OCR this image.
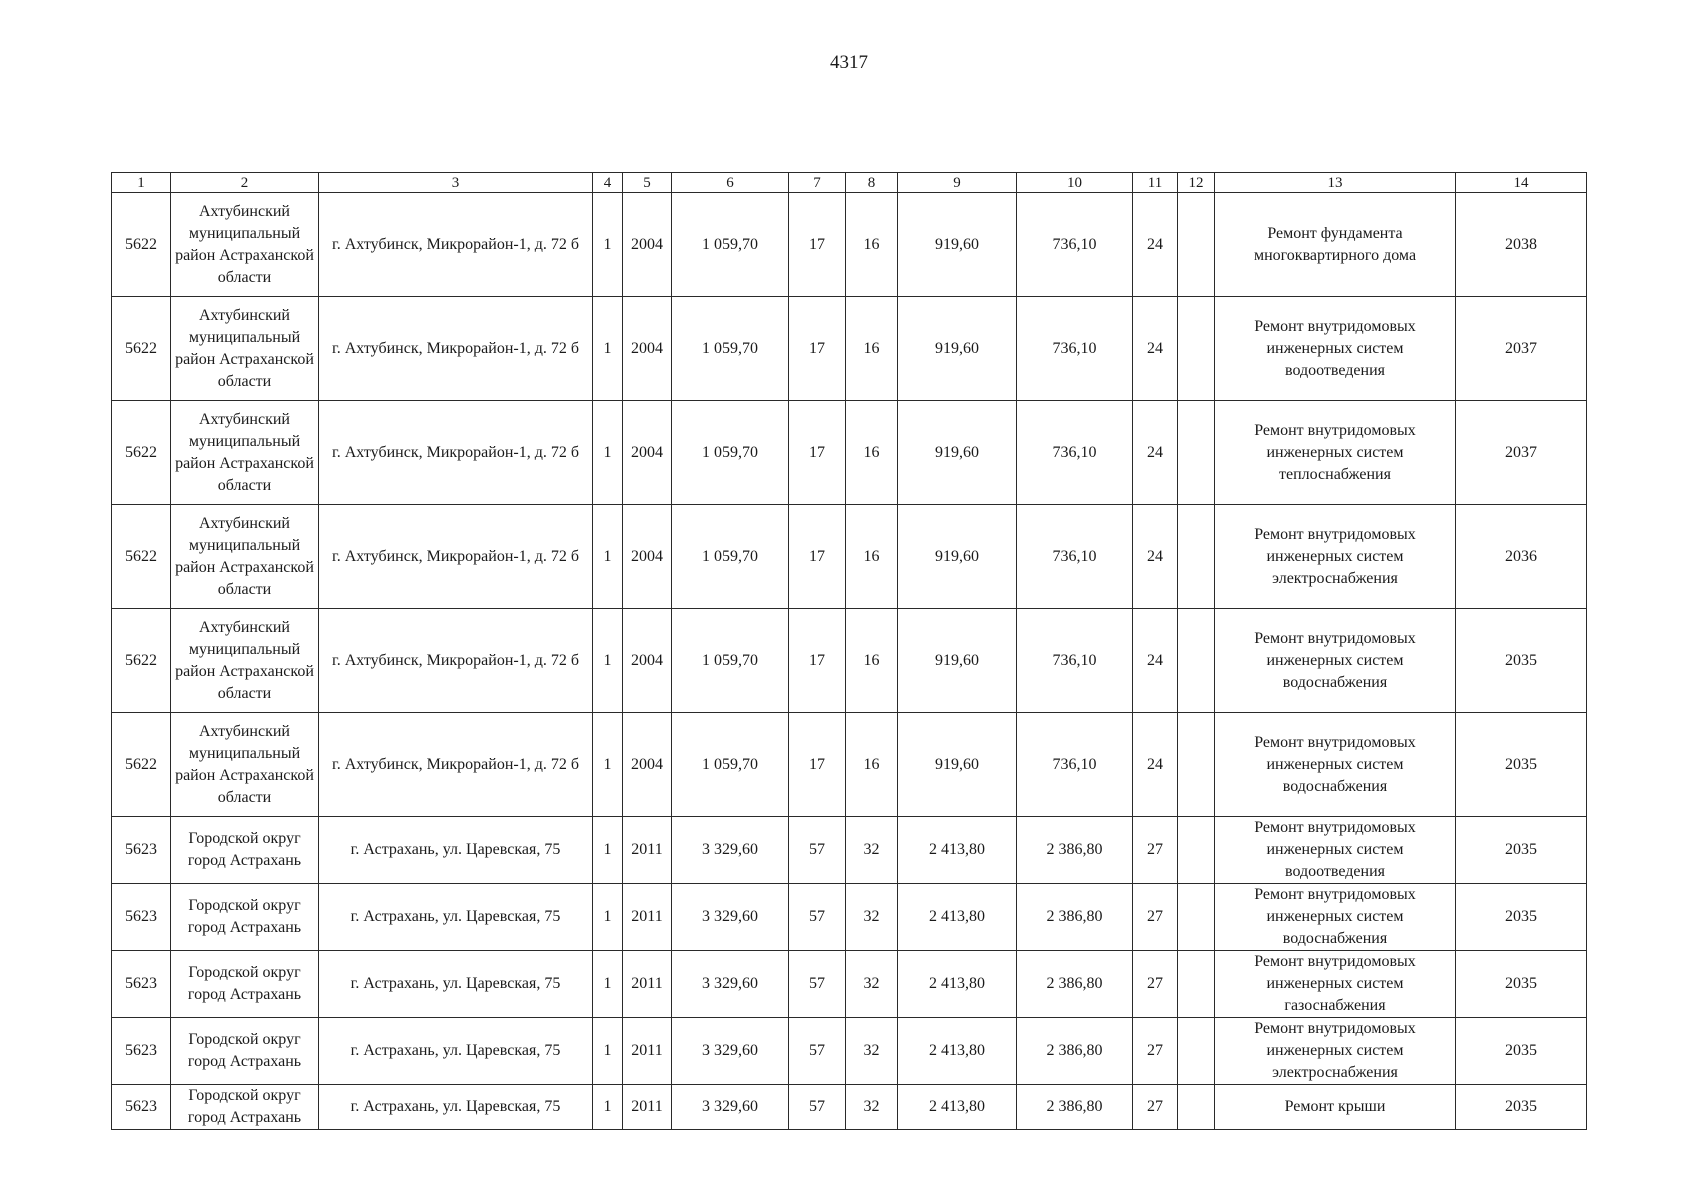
4317
1	2	3	4	5	6	7	8	9	10	11	12	13	14
5622	Ахтубинский муниципальный район Астраханской области	г. Ахтубинск, Микрорайон-1, д. 72 б	1	2004	1 059,70	17	16	919,60	736,10	24		Ремонт фундамента многоквартирного дома	2038
5622	Ахтубинский муниципальный район Астраханской области	г. Ахтубинск, Микрорайон-1, д. 72 б	1	2004	1 059,70	17	16	919,60	736,10	24		Ремонт внутридомовых инженерных систем водоотведения	2037
5622	Ахтубинский муниципальный район Астраханской области	г. Ахтубинск, Микрорайон-1, д. 72 б	1	2004	1 059,70	17	16	919,60	736,10	24		Ремонт внутридомовых инженерных систем теплоснабжения	2037
5622	Ахтубинский муниципальный район Астраханской области	г. Ахтубинск, Микрорайон-1, д. 72 б	1	2004	1 059,70	17	16	919,60	736,10	24		Ремонт внутридомовых инженерных систем электроснабжения	2036
5622	Ахтубинский муниципальный район Астраханской области	г. Ахтубинск, Микрорайон-1, д. 72 б	1	2004	1 059,70	17	16	919,60	736,10	24		Ремонт внутридомовых инженерных систем водоснабжения	2035
5622	Ахтубинский муниципальный район Астраханской области	г. Ахтубинск, Микрорайон-1, д. 72 б	1	2004	1 059,70	17	16	919,60	736,10	24		Ремонт внутридомовых инженерных систем водоснабжения	2035
5623	Городской округ город Астрахань	г. Астрахань, ул. Царевская, 75	1	2011	3 329,60	57	32	2 413,80	2 386,80	27		Ремонт внутридомовых инженерных систем водоотведения	2035
5623	Городской округ город Астрахань	г. Астрахань, ул. Царевская, 75	1	2011	3 329,60	57	32	2 413,80	2 386,80	27		Ремонт внутридомовых инженерных систем водоснабжения	2035
5623	Городской округ город Астрахань	г. Астрахань, ул. Царевская, 75	1	2011	3 329,60	57	32	2 413,80	2 386,80	27		Ремонт внутридомовых инженерных систем газоснабжения	2035
5623	Городской округ город Астрахань	г. Астрахань, ул. Царевская, 75	1	2011	3 329,60	57	32	2 413,80	2 386,80	27		Ремонт внутридомовых инженерных систем электроснабжения	2035
5623	Городской округ город Астрахань	г. Астрахань, ул. Царевская, 75	1	2011	3 329,60	57	32	2 413,80	2 386,80	27		Ремонт крыши	2035
